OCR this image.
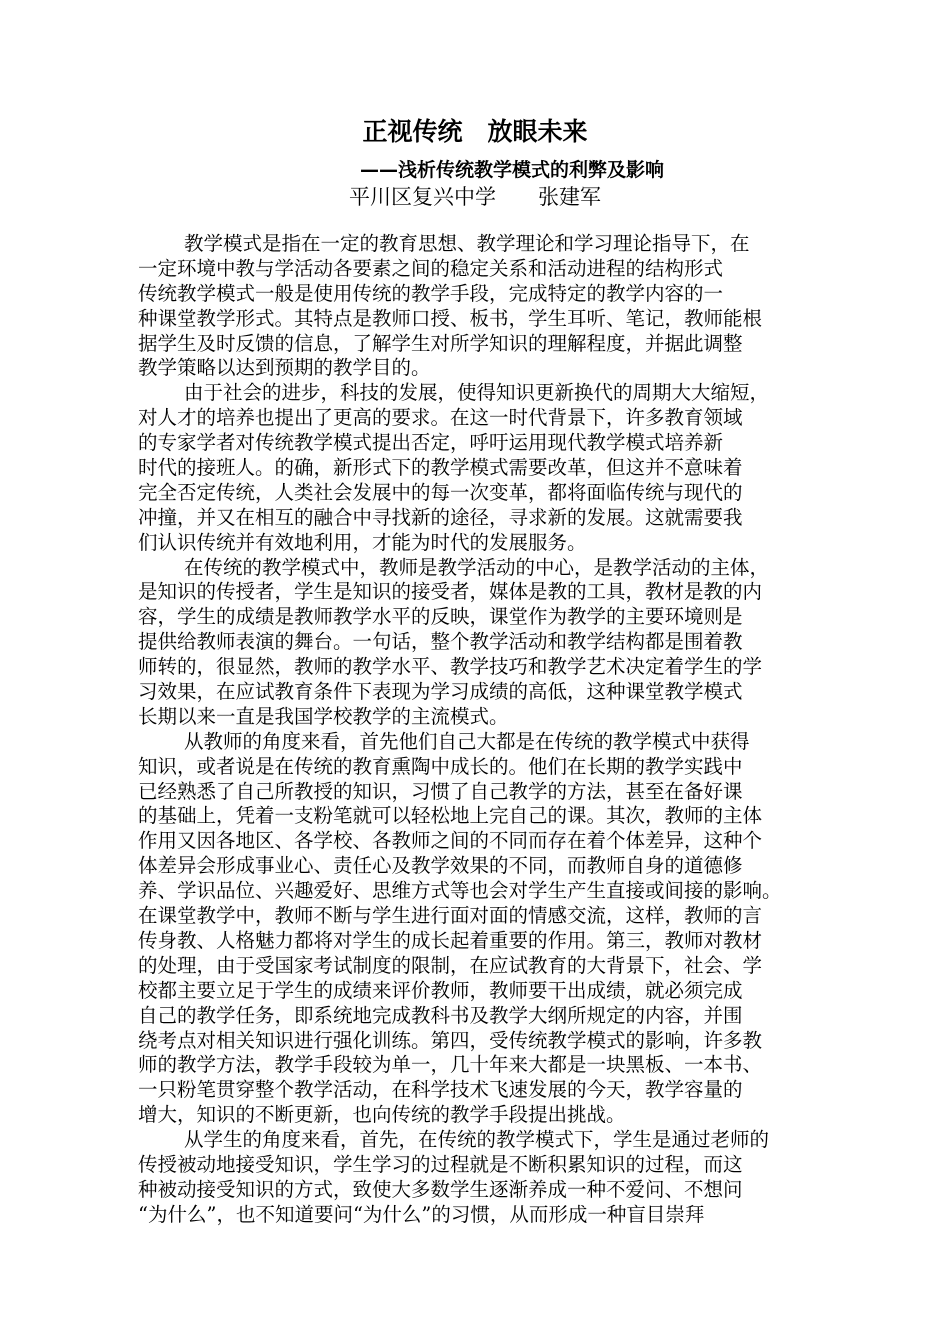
正视传统　放眼未来
——浅析传统教学模式的利弊及影响
平川区复兴中学　　张建军
教学模式是指在一定的教育思想、教学理论和学习理论指导下，在
一定环境中教与学活动各要素之间的稳定关系和活动进程的结构形式
传统教学模式一般是使用传统的教学手段，完成特定的教学内容的一
种课堂教学形式。其特点是教师口授、板书，学生耳听、笔记，教师能根
据学生及时反馈的信息，了解学生对所学知识的理解程度，并据此调整
教学策略以达到预期的教学目的。
由于社会的进步，科技的发展，使得知识更新换代的周期大大缩短，
对人才的培养也提出了更高的要求。在这一时代背景下，许多教育领域
的专家学者对传统教学模式提出否定，呼吁运用现代教学模式培养新
时代的接班人。的确，新形式下的教学模式需要改革，但这并不意味着
完全否定传统，人类社会发展中的每一次变革，都将面临传统与现代的
冲撞，并又在相互的融合中寻找新的途径，寻求新的发展。这就需要我
们认识传统并有效地利用，才能为时代的发展服务。
在传统的教学模式中，教师是教学活动的中心，是教学活动的主体，
是知识的传授者，学生是知识的接受者，媒体是教的工具，教材是教的内
容，学生的成绩是教师教学水平的反映，课堂作为教学的主要环境则是
提供给教师表演的舞台。一句话，整个教学活动和教学结构都是围着教
师转的，很显然，教师的教学水平、教学技巧和教学艺术决定着学生的学
习效果，在应试教育条件下表现为学习成绩的高低，这种课堂教学模式
长期以来一直是我国学校教学的主流模式。
从教师的角度来看，首先他们自己大都是在传统的教学模式中获得
知识，或者说是在传统的教育熏陶中成长的。他们在长期的教学实践中
已经熟悉了自己所教授的知识，习惯了自己教学的方法，甚至在备好课
的基础上，凭着一支粉笔就可以轻松地上完自己的课。其次，教师的主体
作用又因各地区、各学校、各教师之间的不同而存在着个体差异，这种个
体差异会形成事业心、责任心及教学效果的不同，而教师自身的道德修
养、学识品位、兴趣爱好、思维方式等也会对学生产生直接或间接的影响。
在课堂教学中，教师不断与学生进行面对面的情感交流，这样，教师的言
传身教、人格魅力都将对学生的成长起着重要的作用。第三，教师对教材
的处理，由于受国家考试制度的限制，在应试教育的大背景下，社会、学
校都主要立足于学生的成绩来评价教师，教师要干出成绩，就必须完成
自己的教学任务，即系统地完成教科书及教学大纲所规定的内容，并围
绕考点对相关知识进行强化训练。第四，受传统教学模式的影响，许多教
师的教学方法，教学手段较为单一，几十年来大都是一块黑板、一本书、
一只粉笔贯穿整个教学活动，在科学技术飞速发展的今天，教学容量的
增大，知识的不断更新，也向传统的教学手段提出挑战。
从学生的角度来看，首先，在传统的教学模式下，学生是通过老师的
传授被动地接受知识，学生学习的过程就是不断积累知识的过程，而这
种被动接受知识的方式，致使大多数学生逐渐养成一种不爱问、不想问
“为什么”，也不知道要问“为什么”的习惯，从而形成一种盲目崇拜
